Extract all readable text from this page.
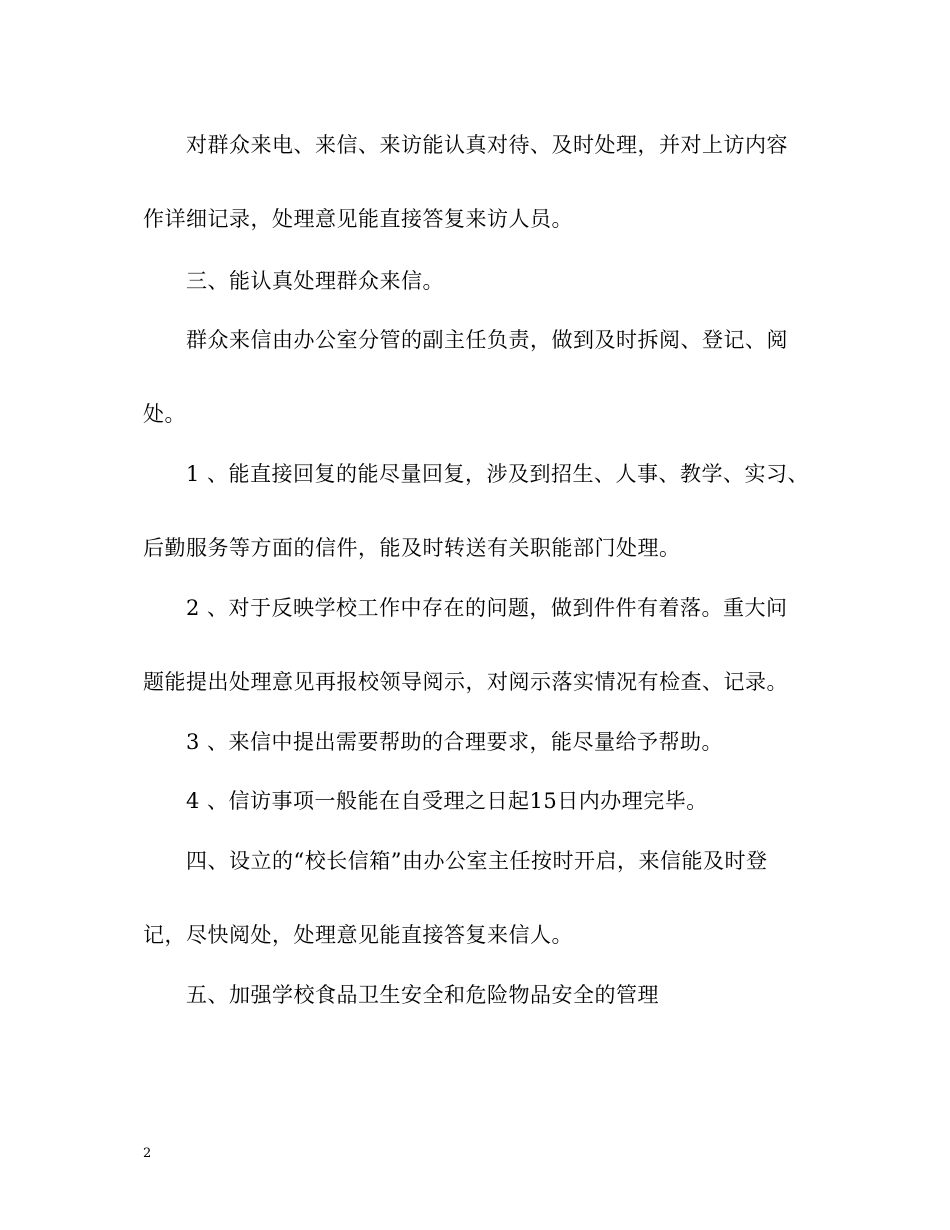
对群众来电、来信、来访能认真对待、及时处理，并对上访内容
作详细记录，处理意见能直接答复来访人员。
三、能认真处理群众来信。
群众来信由办公室分管的副主任负责，做到及时拆阅、登记、阅
处。
1 、能直接回复的能尽量回复，涉及到招生、人事、教学、实习、
后勤服务等方面的信件，能及时转送有关职能部门处理。
2 、对于反映学校工作中存在的问题，做到件件有着落。重大问
题能提出处理意见再报校领导阅示，对阅示落实情况有检查、记录。
3 、来信中提出需要帮助的合理要求，能尽量给予帮助。
4 、信访事项一般能在自受理之日起15日内办理完毕。
四、设立的“校长信箱”由办公室主任按时开启，来信能及时登
记，尽快阅处，处理意见能直接答复来信人。
五、加强学校食品卫生安全和危险物品安全的管理
2
